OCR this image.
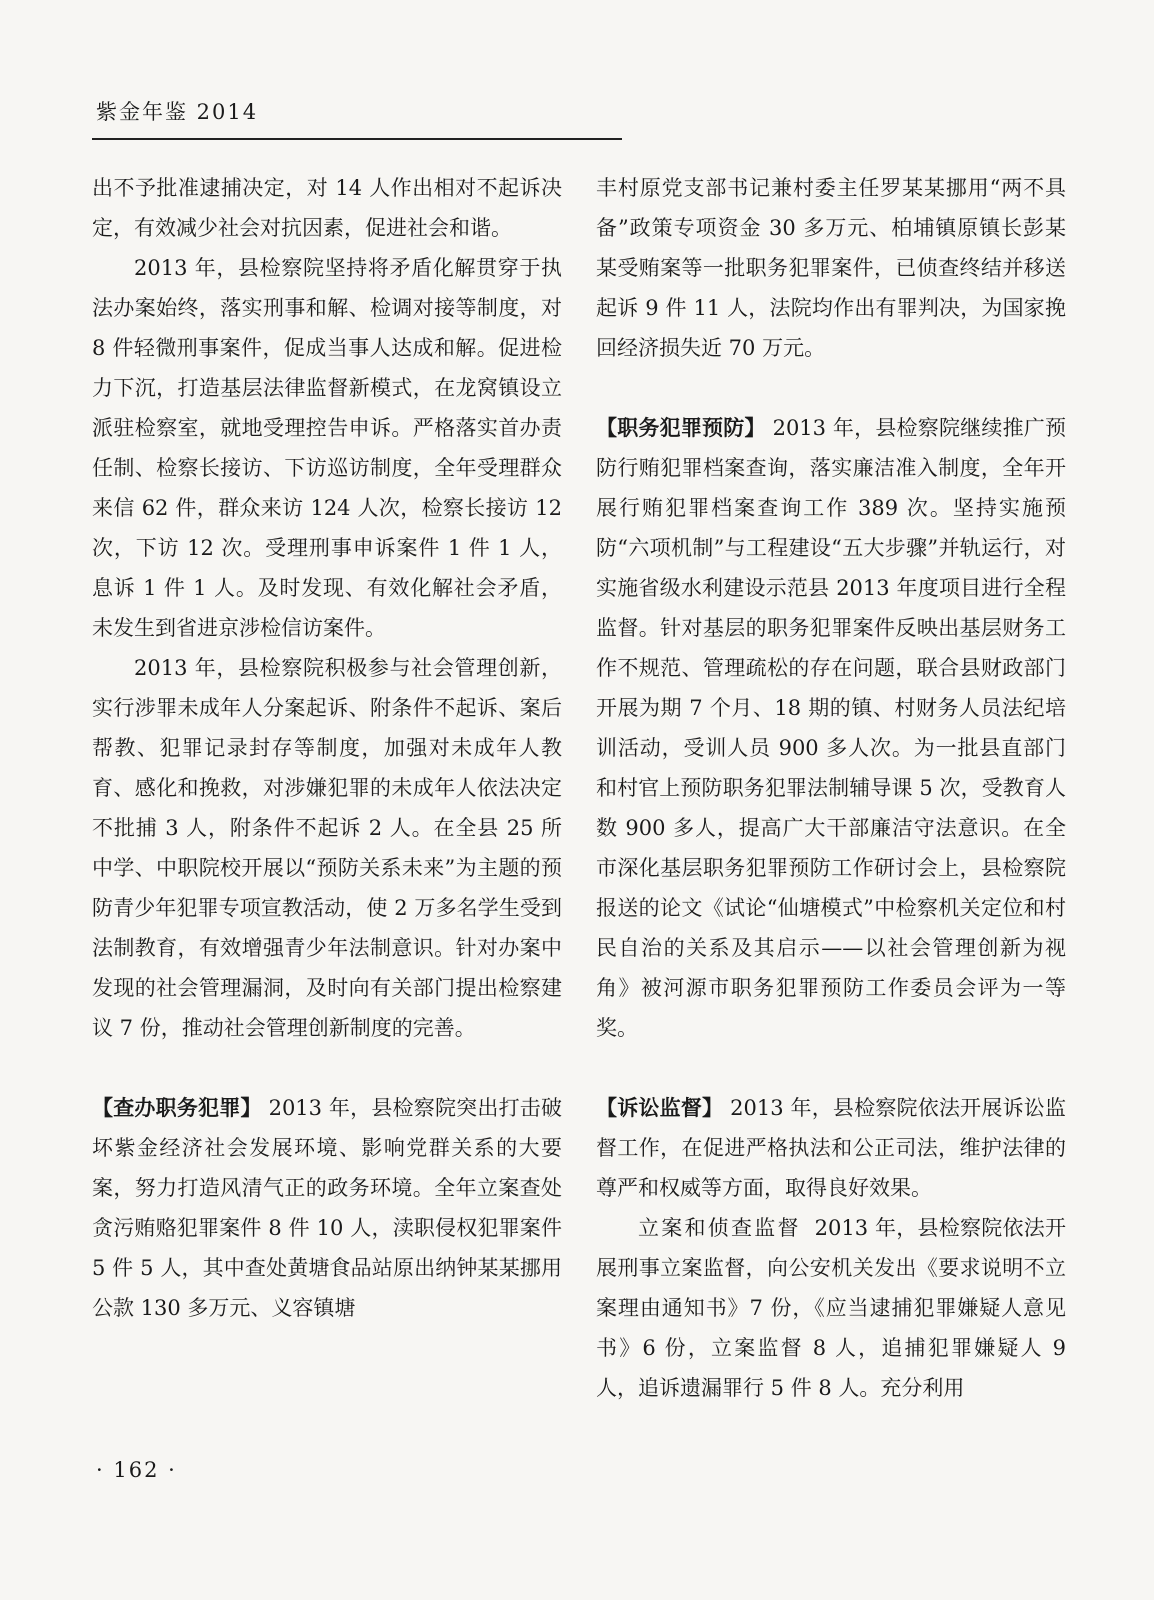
紫金年鉴 2014

出不予批准逮捕决定，对 14 人作出相对不起诉决定，有效减少社会对抗因素，促进社会和谐。

2013 年，县检察院坚持将矛盾化解贯穿于执法办案始终，落实刑事和解、检调对接等制度，对 8 件轻微刑事案件，促成当事人达成和解。促进检力下沉，打造基层法律监督新模式，在龙窝镇设立派驻检察室，就地受理控告申诉。严格落实首办责任制、检察长接访、下访巡访制度，全年受理群众来信 62 件，群众来访 124 人次，检察长接访 12 次，下访 12 次。受理刑事申诉案件 1 件 1 人，息诉 1 件 1 人。及时发现、有效化解社会矛盾，未发生到省进京涉检信访案件。

2013 年，县检察院积极参与社会管理创新，实行涉罪未成年人分案起诉、附条件不起诉、案后帮教、犯罪记录封存等制度，加强对未成年人教育、感化和挽救，对涉嫌犯罪的未成年人依法决定不批捕 3 人，附条件不起诉 2 人。在全县 25 所中学、中职院校开展以“预防关系未来”为主题的预防青少年犯罪专项宣教活动，使 2 万多名学生受到法制教育，有效增强青少年法制意识。针对办案中发现的社会管理漏洞，及时向有关部门提出检察建议 7 份，推动社会管理创新制度的完善。

【查办职务犯罪】 2013 年，县检察院突出打击破坏紫金经济社会发展环境、影响党群关系的大要案，努力打造风清气正的政务环境。全年立案查处贪污贿赂犯罪案件 8 件 10 人，渎职侵权犯罪案件 5 件 5 人，其中查处黄塘食品站原出纳钟某某挪用公款 130 多万元、义容镇塘

丰村原党支部书记兼村委主任罗某某挪用“两不具备”政策专项资金 30 多万元、柏埔镇原镇长彭某某受贿案等一批职务犯罪案件，已侦查终结并移送起诉 9 件 11 人，法院均作出有罪判决，为国家挽回经济损失近 70 万元。

【职务犯罪预防】 2013 年，县检察院继续推广预防行贿犯罪档案查询，落实廉洁准入制度，全年开展行贿犯罪档案查询工作 389 次。坚持实施预防“六项机制”与工程建设“五大步骤”并轨运行，对实施省级水利建设示范县 2013 年度项目进行全程监督。针对基层的职务犯罪案件反映出基层财务工作不规范、管理疏松的存在问题，联合县财政部门开展为期 7 个月、18 期的镇、村财务人员法纪培训活动，受训人员 900 多人次。为一批县直部门和村官上预防职务犯罪法制辅导课 5 次，受教育人数 900 多人，提高广大干部廉洁守法意识。在全市深化基层职务犯罪预防工作研讨会上，县检察院报送的论文《试论“仙塘模式”中检察机关定位和村民自治的关系及其启示——以社会管理创新为视角》被河源市职务犯罪预防工作委员会评为一等奖。

【诉讼监督】 2013 年，县检察院依法开展诉讼监督工作，在促进严格执法和公正司法，维护法律的尊严和权威等方面，取得良好效果。

立案和侦查监督 2013 年，县检察院依法开展刑事立案监督，向公安机关发出《要求说明不立案理由通知书》7 份，《应当逮捕犯罪嫌疑人意见书》6 份，立案监督 8 人，追捕犯罪嫌疑人 9 人，追诉遗漏罪行 5 件 8 人。充分利用

· 162 ·
